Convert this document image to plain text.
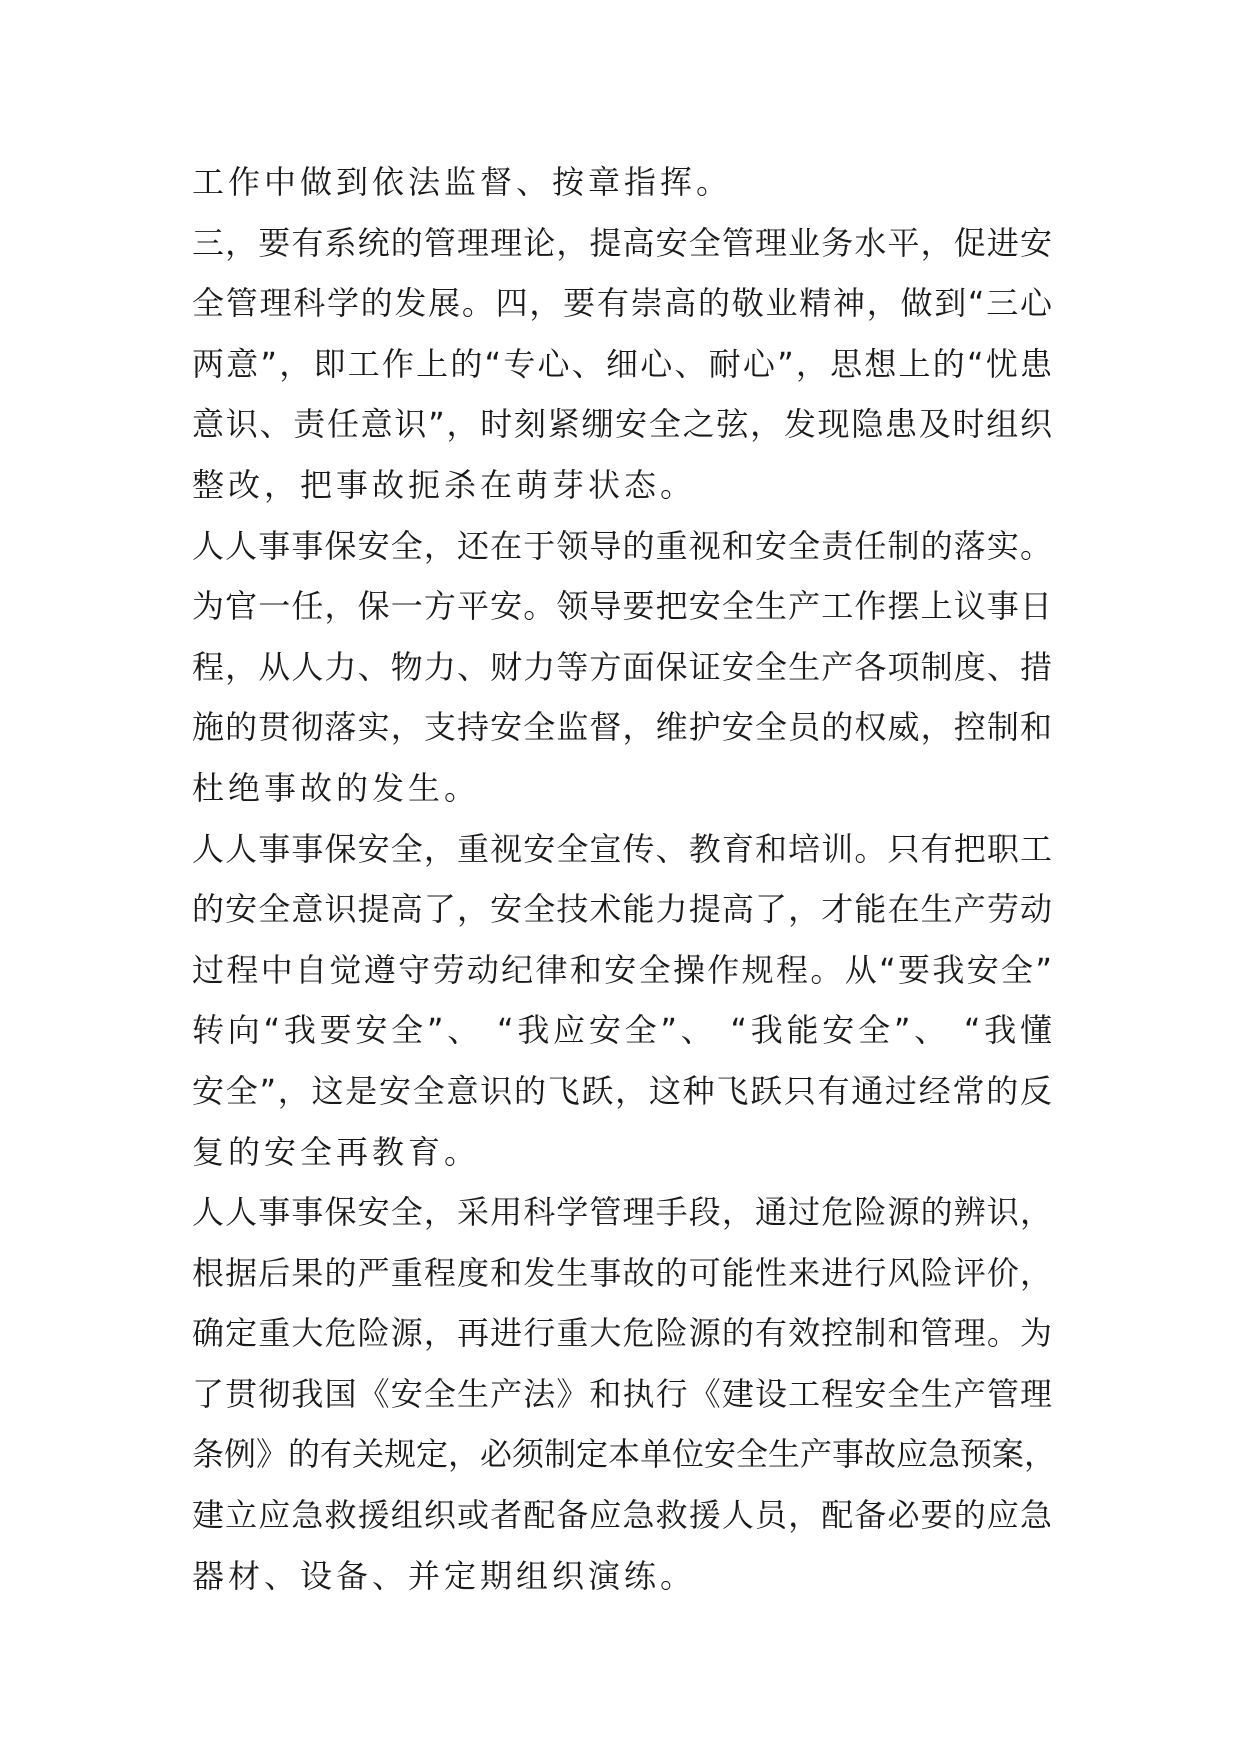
工作中做到依法监督、按章指挥。
三，要有系统的管理理论，提高安全管理业务水平，促进安
全管理科学的发展。四，要有崇高的敬业精神，做到“三心
两意”，即工作上的“专心、细心、耐心”，思想上的“忧患
意识、责任意识”，时刻紧绷安全之弦，发现隐患及时组织
整改，把事故扼杀在萌芽状态。
人人事事保安全，还在于领导的重视和安全责任制的落实。
为官一任，保一方平安。领导要把安全生产工作摆上议事日
程，从人力、物力、财力等方面保证安全生产各项制度、措
施的贯彻落实，支持安全监督，维护安全员的权威，控制和
杜绝事故的发生。
人人事事保安全，重视安全宣传、教育和培训。只有把职工
的安全意识提高了，安全技术能力提高了，才能在生产劳动
过程中自觉遵守劳动纪律和安全操作规程。从“要我安全”
转向“我要安全”、 “我应安全”、 “我能安全”、 “我懂
安全”，这是安全意识的飞跃，这种飞跃只有通过经常的反
复的安全再教育。
人人事事保安全，采用科学管理手段，通过危险源的辨识，
根据后果的严重程度和发生事故的可能性来进行风险评价，
确定重大危险源，再进行重大危险源的有效控制和管理。为
了贯彻我国《安全生产法》和执行《建设工程安全生产管理
条例》的有关规定，必须制定本单位安全生产事故应急预案，
建立应急救援组织或者配备应急救援人员，配备必要的应急
器材、设备、并定期组织演练。
